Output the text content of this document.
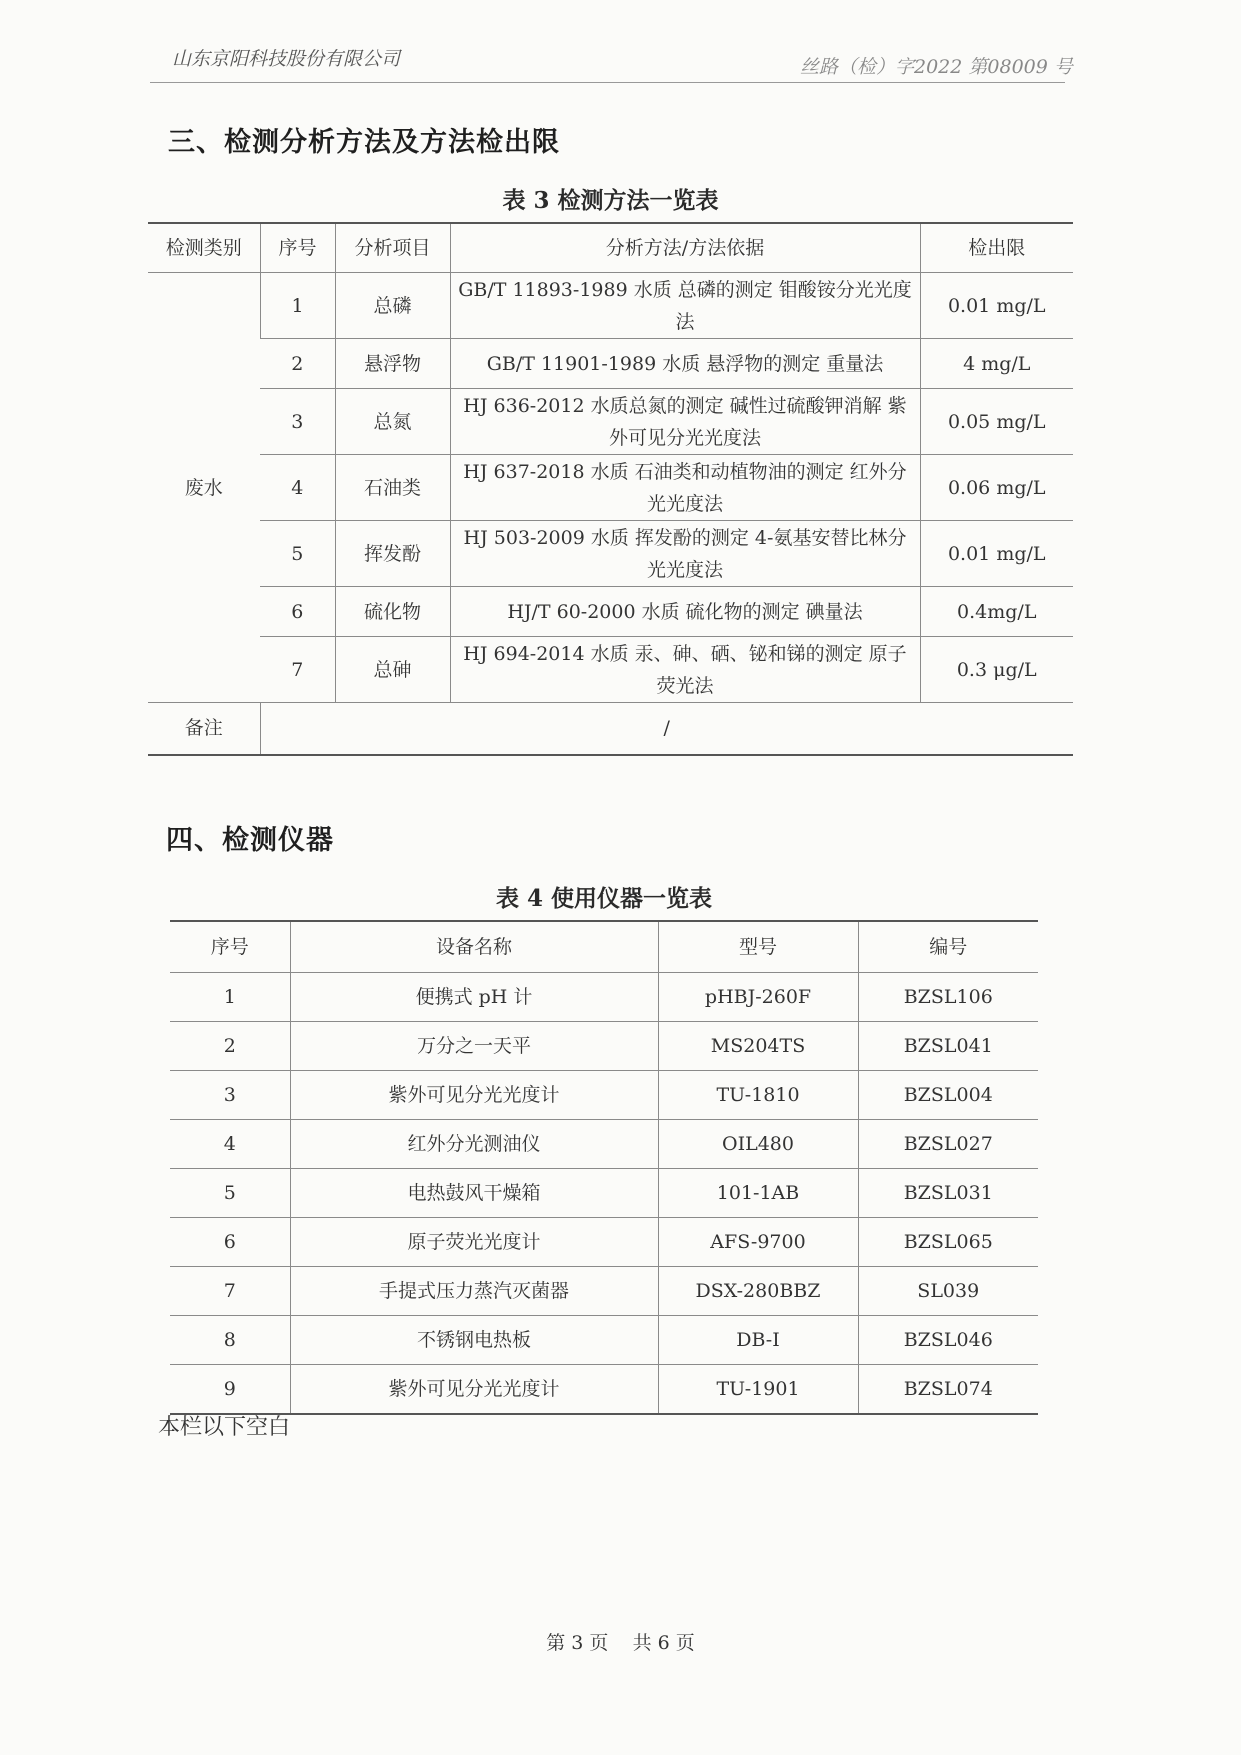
山东京阳科技股份有限公司	丝路（检）字2022 第08009 号
三、检测分析方法及方法检出限
表 3 检测方法一览表
检测类别	序号	分析项目	分析方法/方法依据	检出限
废水	1	总磷	GB/T 11893-1989 水质 总磷的测定 钼酸铵分光光度法	0.01 mg/L
	2	悬浮物	GB/T 11901-1989 水质 悬浮物的测定 重量法	4 mg/L
	3	总氮	HJ 636-2012 水质总氮的测定 碱性过硫酸钾消解 紫外可见分光光度法	0.05 mg/L
	4	石油类	HJ 637-2018 水质 石油类和动植物油的测定 红外分光光度法	0.06 mg/L
	5	挥发酚	HJ 503-2009 水质 挥发酚的测定 4-氨基安替比林分光光度法	0.01 mg/L
	6	硫化物	HJ/T 60-2000 水质 硫化物的测定 碘量法	0.4mg/L
	7	总砷	HJ 694-2014 水质 汞、砷、硒、铋和锑的测定 原子荧光法	0.3 μg/L
备注	/			
四、检测仪器
表 4 使用仪器一览表
序号	设备名称	型号	编号
1	便携式 pH 计	pHBJ-260F	BZSL106
2	万分之一天平	MS204TS	BZSL041
3	紫外可见分光光度计	TU-1810	BZSL004
4	红外分光测油仪	OIL480	BZSL027
5	电热鼓风干燥箱	101-1AB	BZSL031
6	原子荧光光度计	AFS-9700	BZSL065
7	手提式压力蒸汽灭菌器	DSX-280BBZ	SL039
8	不锈钢电热板	DB-I	BZSL046
9	紫外可见分光光度计	TU-1901	BZSL074
本栏以下空白
第 3 页    共 6 页
